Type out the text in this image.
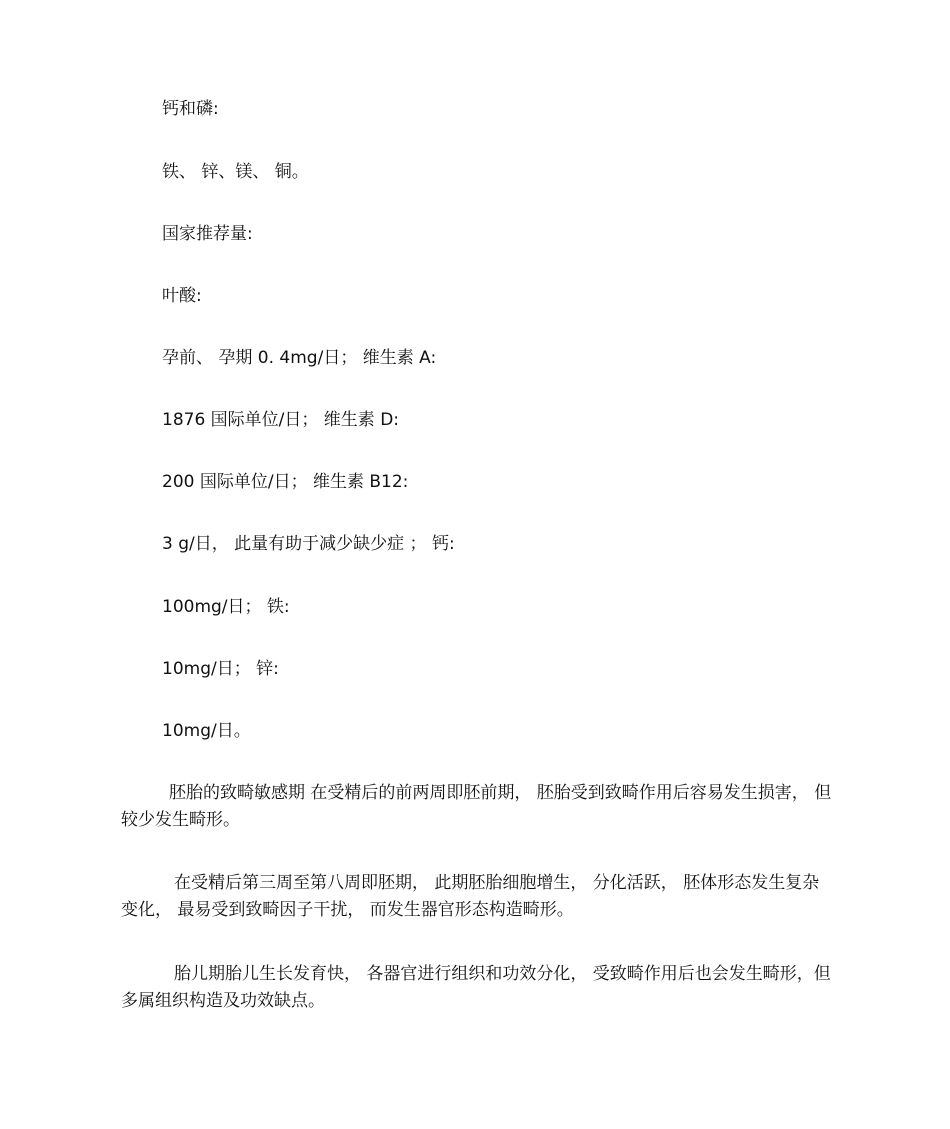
钙和磷:
铁、 锌、镁、 铜。
国家推荐量:
叶酸:
孕前、 孕期 0. 4mg/日； 维生素 A:
1876 国际单位/日； 维生素 D:
200 国际单位/日； 维生素 B12:
3 g/日， 此量有助于减少缺少症 ； 钙:
100mg/日； 铁:
10mg/日； 锌:
10mg/日。
胚胎的致畸敏感期 在受精后的前两周即胚前期， 胚胎受到致畸作用后容易发生损害， 但较少发生畸形。
在受精后第三周至第八周即胚期， 此期胚胎细胞增生， 分化活跃， 胚体形态发生复杂变化， 最易受到致畸因子干扰， 而发生器官形态构造畸形。
胎儿期胎儿生长发育快， 各器官进行组织和功效分化， 受致畸作用后也会发生畸形，但多属组织构造及功效缺点。
